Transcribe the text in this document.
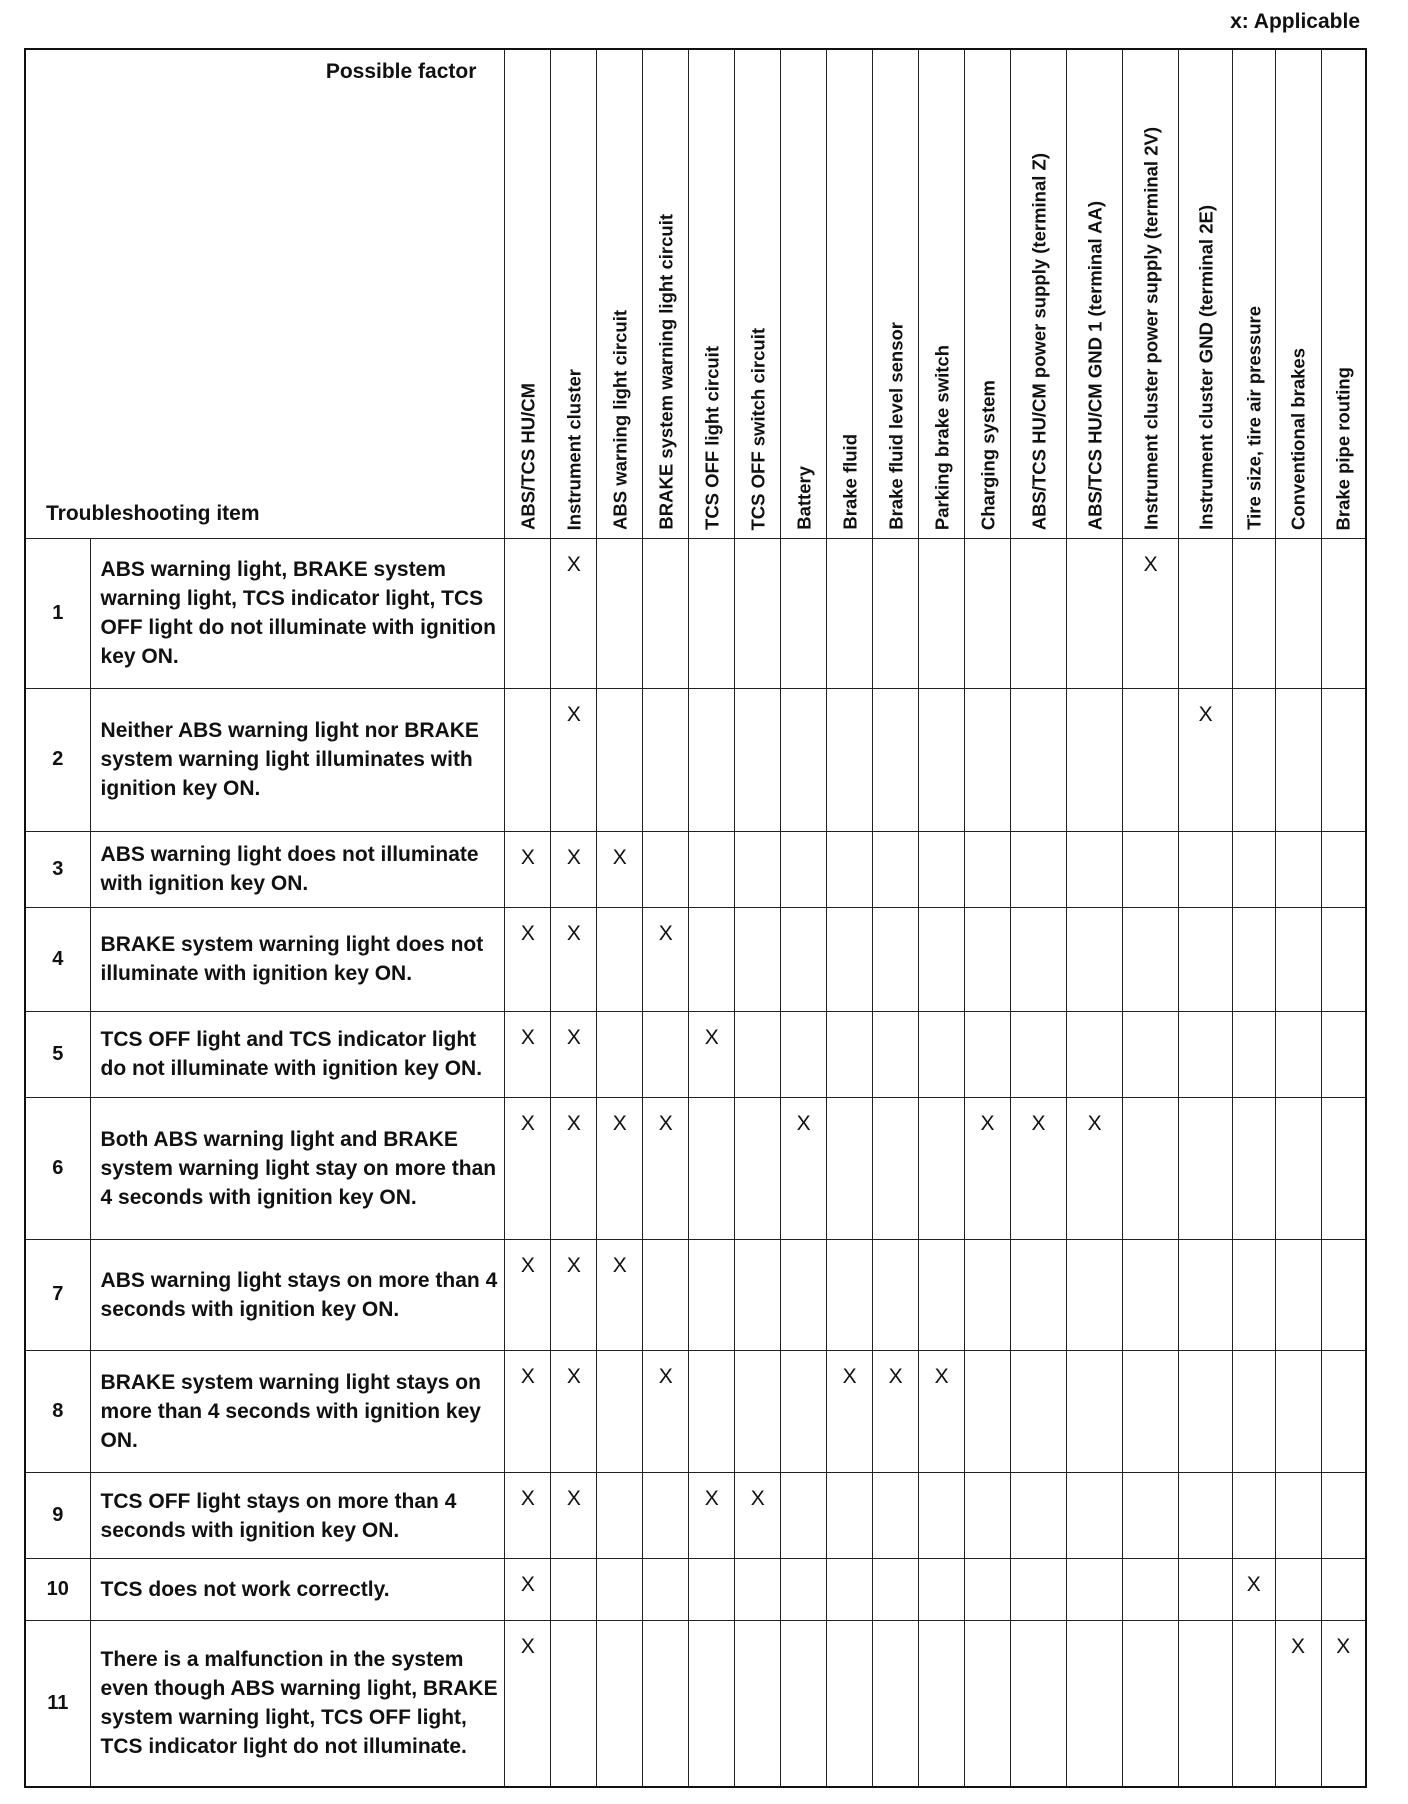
x: Applicable
Possible factor
Troubleshooting item		ABS/TCS HU/CM	Instrument cluster	ABS warning light circuit	BRAKE system warning light circuit	TCS OFF light circuit	TCS OFF switch circuit	Battery	Brake fluid	Brake fluid level sensor	Parking brake switch	Charging system	ABS/TCS HU/CM power supply (terminal Z)	ABS/TCS HU/CM GND 1 (terminal AA)	Instrument cluster power supply (terminal 2V)	Instrument cluster GND (terminal 2E)	Tire size, tire air pressure	Conventional brakes	Brake pipe routing

1	ABS warning light, BRAKE system warning light, TCS indicator light, TCS OFF light do not illuminate with ignition key ON.		X												X				
2	Neither ABS warning light nor BRAKE system warning light illuminates with ignition key ON.		X													X			
3	ABS warning light does not illuminate with ignition key ON.	X	X	X															
4	BRAKE system warning light does not illuminate with ignition key ON.	X	X		X														
5	TCS OFF light and TCS indicator light do not illuminate with ignition key ON.	X	X			X													
6	Both ABS warning light and BRAKE system warning light stay on more than 4 seconds with ignition key ON.	X	X	X	X			X				X	X	X					
7	ABS warning light stays on more than 4 seconds with ignition key ON.	X	X	X															
8	BRAKE system warning light stays on more than 4 seconds with ignition key ON.	X	X		X				X	X	X								
9	TCS OFF light stays on more than 4 seconds with ignition key ON.	X	X			X	X												
10	TCS does not work correctly.	X															X		
11	There is a malfunction in the system even though ABS warning light, BRAKE system warning light, TCS OFF light, TCS indicator light do not illuminate.	X																X	X
